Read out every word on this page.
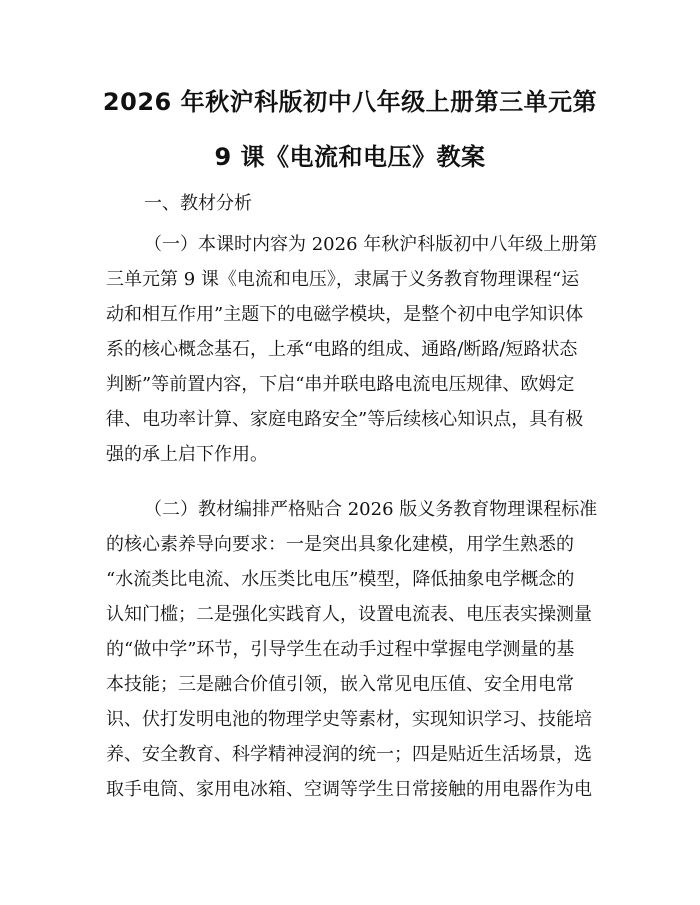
2026 年秋沪科版初中八年级上册第三单元第
9 课《电流和电压》教案
一、教材分析
（一）本课时内容为 2026 年秋沪科版初中八年级上册第
三单元第 9 课《电流和电压》，隶属于义务教育物理课程“运
动和相互作用”主题下的电磁学模块，是整个初中电学知识体
系的核心概念基石，上承“电路的组成、通路/断路/短路状态
判断”等前置内容，下启“串并联电路电流电压规律、欧姆定
律、电功率计算、家庭电路安全”等后续核心知识点，具有极
强的承上启下作用。
（二）教材编排严格贴合 2026 版义务教育物理课程标准
的核心素养导向要求：一是突出具象化建模，用学生熟悉的
“水流类比电流、水压类比电压”模型，降低抽象电学概念的
认知门槛；二是强化实践育人，设置电流表、电压表实操测量
的“做中学”环节，引导学生在动手过程中掌握电学测量的基
本技能；三是融合价值引领，嵌入常见电压值、安全用电常
识、伏打发明电池的物理学史等素材，实现知识学习、技能培
养、安全教育、科学精神浸润的统一；四是贴近生活场景，选
取手电筒、家用电冰箱、空调等学生日常接触的用电器作为电
